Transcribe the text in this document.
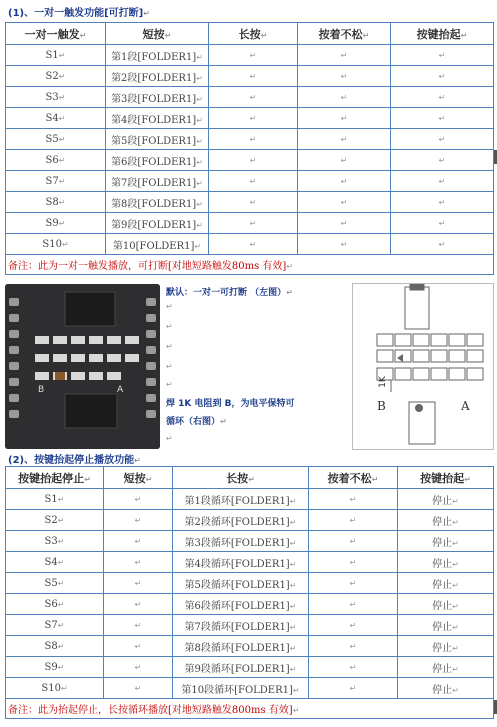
(1)、一对一触发功能[可打断]↵
一对一触发↵	短按↵	长按↵	按着不松↵	按键抬起↵
S1↵	第1段[FOLDER1]↵	↵	↵	↵
S2↵	第2段[FOLDER1]↵	↵	↵	↵
S3↵	第3段[FOLDER1]↵	↵	↵	↵
S4↵	第4段[FOLDER1]↵	↵	↵	↵
S5↵	第5段[FOLDER1]↵	↵	↵	↵
S6↵	第6段[FOLDER1]↵	↵	↵	↵
S7↵	第7段[FOLDER1]↵	↵	↵	↵
S8↵	第8段[FOLDER1]↵	↵	↵	↵
S9↵	第9段[FOLDER1]↵	↵	↵	↵
S10↵	第10[FOLDER1]↵	↵	↵	↵
备注：此为一对一触发播放，可打断[对地短路触发80ms 有效]↵				
B	A
默认：一对一可打断 （左图）↵
↵
↵
↵
↵
↵
焊 1K 电阻到 B，为电平保特可
循环（右图）↵
↵
1K
B	A
(2)、按键抬起停止播放功能↵
按键抬起停止↵	短按↵	长按↵	按着不松↵	按键抬起↵
S1↵	↵	第1段循环[FOLDER1]↵	↵	停止↵
S2↵	↵	第2段循环[FOLDER1]↵	↵	停止↵
S3↵	↵	第3段循环[FOLDER1]↵	↵	停止↵
S4↵	↵	第4段循环[FOLDER1]↵	↵	停止↵
S5↵	↵	第5段循环[FOLDER1]↵	↵	停止↵
S6↵	↵	第6段循环[FOLDER1]↵	↵	停止↵
S7↵	↵	第7段循环[FOLDER1]↵	↵	停止↵
S8↵	↵	第8段循环[FOLDER1]↵	↵	停止↵
S9↵	↵	第9段循环[FOLDER1]↵	↵	停止↵
S10↵	↵	第10段循环[FOLDER1]↵	↵	停止↵
备注：此为抬起停止，长按循环播放[对地短路触发800ms 有效]↵				
